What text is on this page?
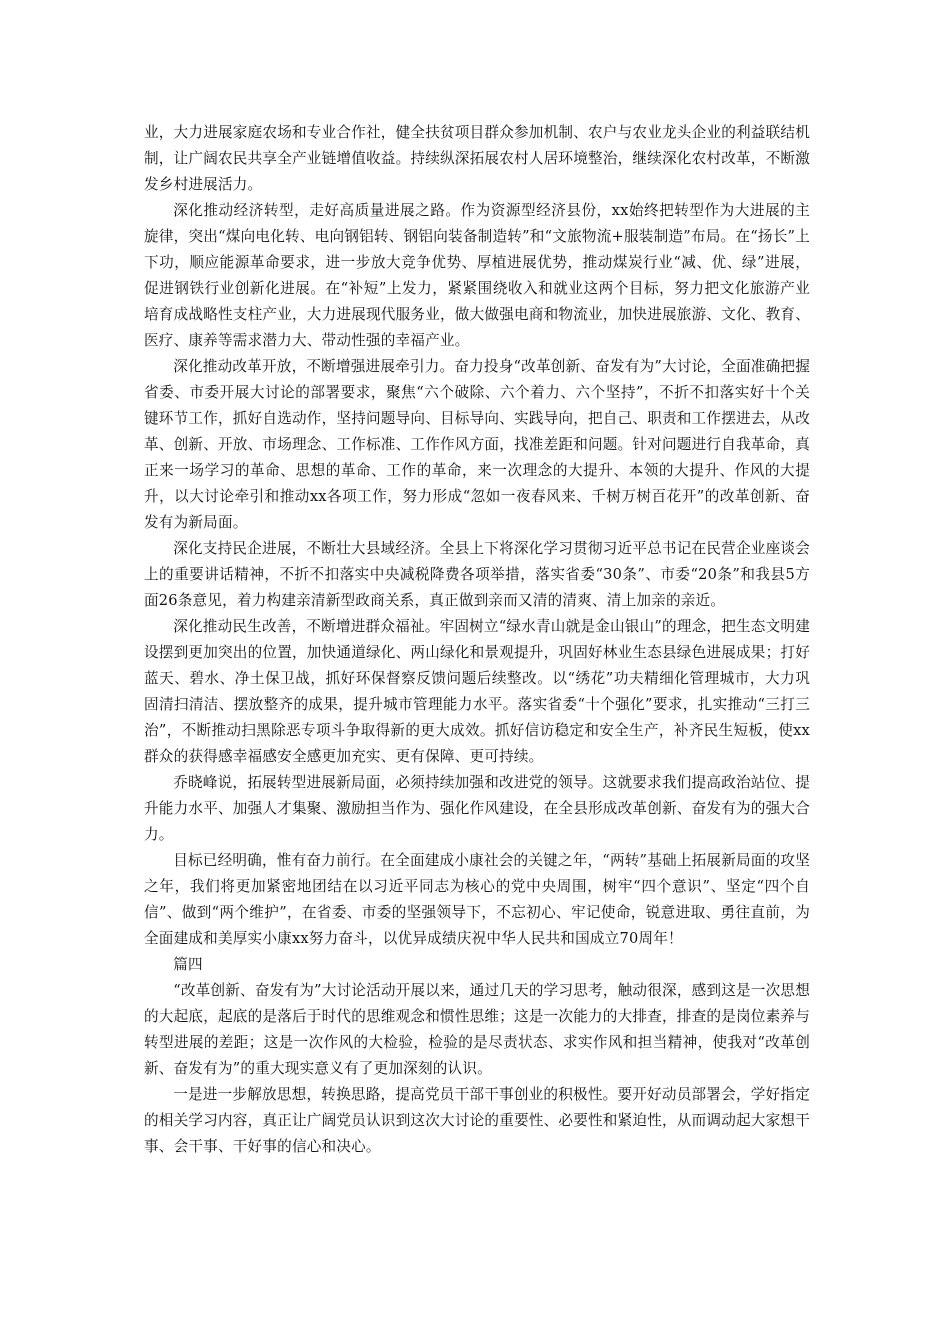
业，大力进展家庭农场和专业合作社，健全扶贫项目群众参加机制、农户与农业龙头企业的利益联结机制，让广阔农民共享全产业链增值收益。持续纵深拓展农村人居环境整治，继续深化农村改革，不断激发乡村进展活力。

深化推动经济转型，走好高质量进展之路。作为资源型经济县份，xx始终把转型作为大进展的主旋律，突出“煤向电化转、电向钢铝转、钢铝向装备制造转”和“文旅物流+服装制造”布局。在“扬长”上下功，顺应能源革命要求，进一步放大竞争优势、厚植进展优势，推动煤炭行业“减、优、绿”进展，促进钢铁行业创新化进展。在“补短”上发力，紧紧围绕收入和就业这两个目标，努力把文化旅游产业培育成战略性支柱产业，大力进展现代服务业，做大做强电商和物流业，加快进展旅游、文化、教育、医疗、康养等需求潜力大、带动性强的幸福产业。

深化推动改革开放，不断增强进展牵引力。奋力投身“改革创新、奋发有为”大讨论，全面准确把握省委、市委开展大讨论的部署要求，聚焦“六个破除、六个着力、六个坚持”，不折不扣落实好十个关键环节工作，抓好自选动作，坚持问题导向、目标导向、实践导向，把自己、职责和工作摆进去，从改革、创新、开放、市场理念、工作标准、工作作风方面，找准差距和问题。针对问题进行自我革命，真正来一场学习的革命、思想的革命、工作的革命，来一次理念的大提升、本领的大提升、作风的大提升，以大讨论牵引和推动xx各项工作，努力形成“忽如一夜春风来、千树万树百花开”的改革创新、奋发有为新局面。

深化支持民企进展，不断壮大县域经济。全县上下将深化学习贯彻习近平总书记在民营企业座谈会上的重要讲话精神，不折不扣落实中央减税降费各项举措，落实省委“30条”、市委“20条”和我县5方面26条意见，着力构建亲清新型政商关系，真正做到亲而又清的清爽、清上加亲的亲近。

深化推动民生改善，不断增进群众福祉。牢固树立“绿水青山就是金山银山”的理念，把生态文明建设摆到更加突出的位置，加快通道绿化、两山绿化和景观提升，巩固好林业生态县绿色进展成果；打好蓝天、碧水、净土保卫战，抓好环保督察反馈问题后续整改。以“绣花”功夫精细化管理城市，大力巩固清扫清洁、摆放整齐的成果，提升城市管理能力水平。落实省委“十个强化”要求，扎实推动“三打三治”，不断推动扫黑除恶专项斗争取得新的更大成效。抓好信访稳定和安全生产，补齐民生短板，使xx群众的获得感幸福感安全感更加充实、更有保障、更可持续。

乔晓峰说，拓展转型进展新局面，必须持续加强和改进党的领导。这就要求我们提高政治站位、提升能力水平、加强人才集聚、激励担当作为、强化作风建设，在全县形成改革创新、奋发有为的强大合力。

目标已经明确，惟有奋力前行。在全面建成小康社会的关键之年，“两转”基础上拓展新局面的攻坚之年，我们将更加紧密地团结在以习近平同志为核心的党中央周围，树牢“四个意识”、坚定“四个自信”、做到“两个维护”，在省委、市委的坚强领导下，不忘初心、牢记使命，锐意进取、勇往直前，为全面建成和美厚实小康xx努力奋斗，以优异成绩庆祝中华人民共和国成立70周年！

篇四

“改革创新、奋发有为”大讨论活动开展以来，通过几天的学习思考，触动很深，感到这是一次思想的大起底，起底的是落后于时代的思维观念和惯性思维；这是一次能力的大排查，排查的是岗位素养与转型进展的差距；这是一次作风的大检验，检验的是尽责状态、求实作风和担当精神，使我对“改革创新、奋发有为”的重大现实意义有了更加深刻的认识。

一是进一步解放思想，转换思路，提高党员干部干事创业的积极性。要开好动员部署会，学好指定的相关学习内容，真正让广阔党员认识到这次大讨论的重要性、必要性和紧迫性，从而调动起大家想干事、会干事、干好事的信心和决心。
